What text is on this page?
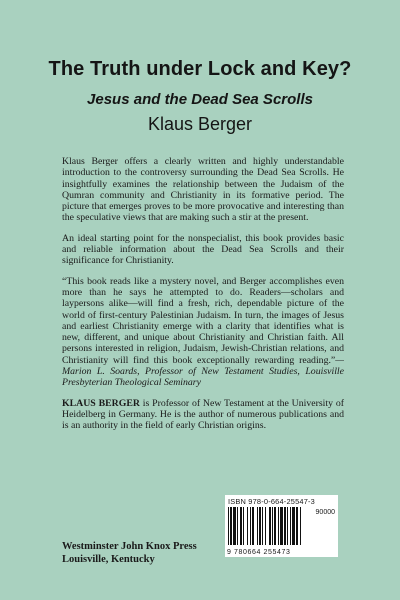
The Truth under Lock and Key?
Jesus and the Dead Sea Scrolls
Klaus Berger

Klaus Berger offers a clearly written and highly understandable introduction to the controversy surrounding the Dead Sea Scrolls. He insightfully examines the relationship between the Judaism of the Qumran community and Christianity in its formative period. The picture that emerges proves to be more provocative and interesting than the speculative views that are making such a stir at the present.

An ideal starting point for the nonspecialist, this book provides basic and reliable information about the Dead Sea Scrolls and their significance for Christianity.

“This book reads like a mystery novel, and Berger accomplishes even more than he says he attempted to do. Readers—scholars and laypersons alike—will find a fresh, rich, dependable picture of the world of first-century Palestinian Judaism. In turn, the images of Jesus and earliest Christianity emerge with a clarity that identifies what is new, different, and unique about Christianity and Christian faith. All persons interested in religion, Judaism, Jewish-Christian relations, and Christianity will find this book exceptionally rewarding reading.”—Marion L. Soards, Professor of New Testament Studies, Louisville Presbyterian Theological Seminary

KLAUS BERGER is Professor of New Testament at the University of Heidelberg in Germany. He is the author of numerous publications and is an authority in the field of early Christian origins.

Westminster John Knox Press
Louisville, Kentucky
ISBN 978-0-664-25547-3
90000
9 780664 255473
